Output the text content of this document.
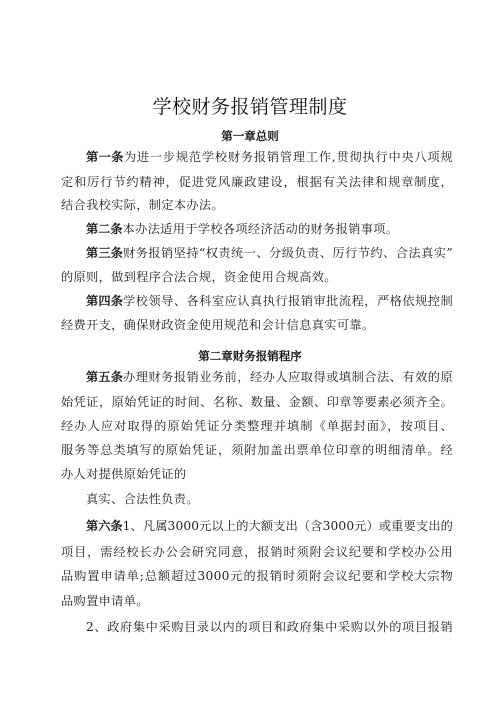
学校财务报销管理制度
第一章总则
第一条为进一步规范学校财务报销管理工作,贯彻执行中央八项规
定和厉行节约精神，促进党风廉政建设，根据有关法律和规章制度，
结合我校实际，制定本办法。
第二条本办法适用于学校各项经济活动的财务报销事项。
第三条财务报销坚持“权责统一、分级负责、厉行节约、合法真实”
的原则，做到程序合法合规，资金使用合规高效。
第四条学校领导、各科室应认真执行报销审批流程，严格依规控制
经费开支，确保财政资金使用规范和会计信息真实可靠。
第二章财务报销程序
第五条办理财务报销业务前，经办人应取得或填制合法、有效的原
始凭证，原始凭证的时间、名称、数量、金额、印章等要素必须齐全。
经办人应对取得的原始凭证分类整理并填制《单据封面》，按项目、
服务等总类填写的原始凭证，须附加盖出票单位印章的明细清单。经
办人对提供原始凭证的
真实、合法性负责。
第六条1、凡属3000元以上的大额支出（含3000元）或重要支出的
项目，需经校长办公会研究同意，报销时须附会议纪要和学校办公用
品购置申请单;总额超过3000元的报销时须附会议纪要和学校大宗物
品购置申请单。
2、政府集中采购目录以内的项目和政府集中采购以外的项目报销
